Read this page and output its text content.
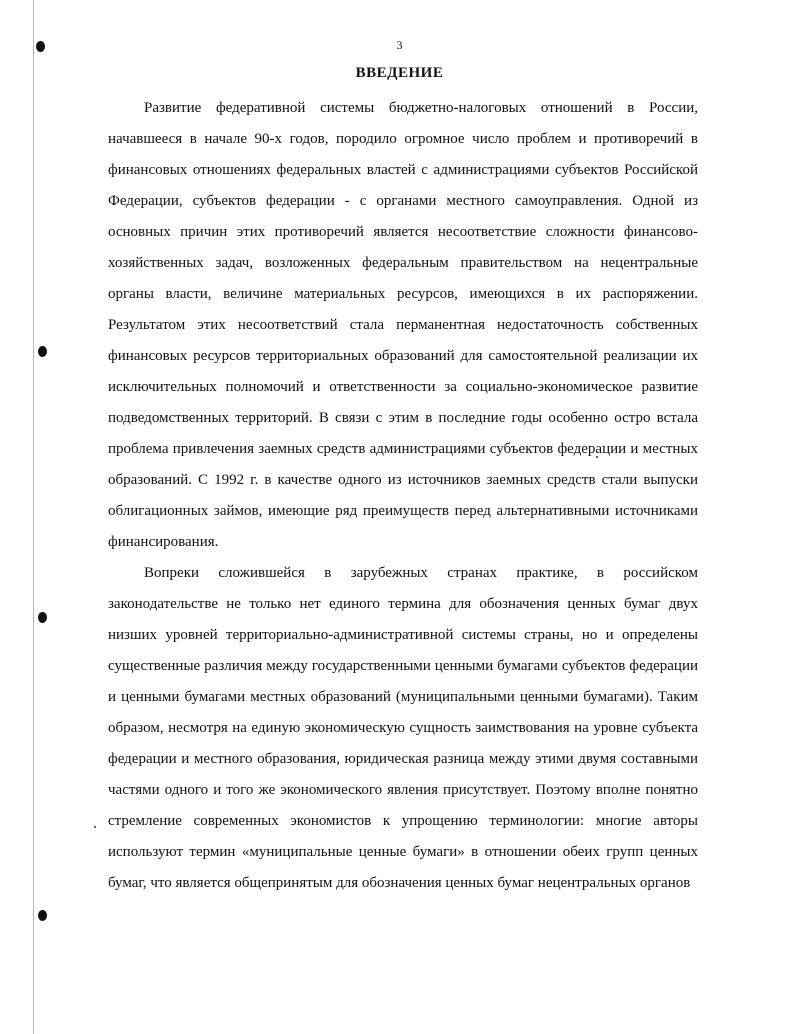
3
ВВЕДЕНИЕ

Развитие федеративной системы бюджетно-налоговых отношений в России, начавшееся в начале 90-х годов, породило огромное число проблем и противоречий в финансовых отношениях федеральных властей с администрациями субъектов Российской Федерации, субъектов федерации - с органами местного самоуправления. Одной из основных причин этих противоречий является несоответствие сложности финансово-хозяйственных задач, возложенных федеральным правительством на нецентральные органы власти, величине материальных ресурсов, имеющихся в их распоряжении. Результатом этих несоответствий стала перманентная недостаточность собственных финансовых ресурсов территориальных образований для самостоятельной реализации их исключительных полномочий и ответственности за социально-экономическое развитие подведомственных территорий. В связи с этим в последние годы особенно остро встала проблема привлечения заемных средств администрациями субъектов федерации и местных образований. С 1992 г. в качестве одного из источников заемных средств стали выпуски облигационных займов, имеющие ряд преимуществ перед альтернативными источниками финансирования.

Вопреки сложившейся в зарубежных странах практике, в российском законодательстве не только нет единого термина для обозначения ценных бумаг двух низших уровней территориально-административной системы страны, но и определены существенные различия между государственными ценными бумагами субъектов федерации и ценными бумагами местных образований (муниципальными ценными бумагами). Таким образом, несмотря на единую экономическую сущность заимствования на уровне субъекта федерации и местного образования, юридическая разница между этими двумя составными частями одного и того же экономического явления присутствует. Поэтому вполне понятно стремление современных экономистов к упрощению терминологии: многие авторы используют термин «муниципальные ценные бумаги» в отношении обеих групп ценных бумаг, что является общепринятым для обозначения ценных бумаг нецентральных органов
